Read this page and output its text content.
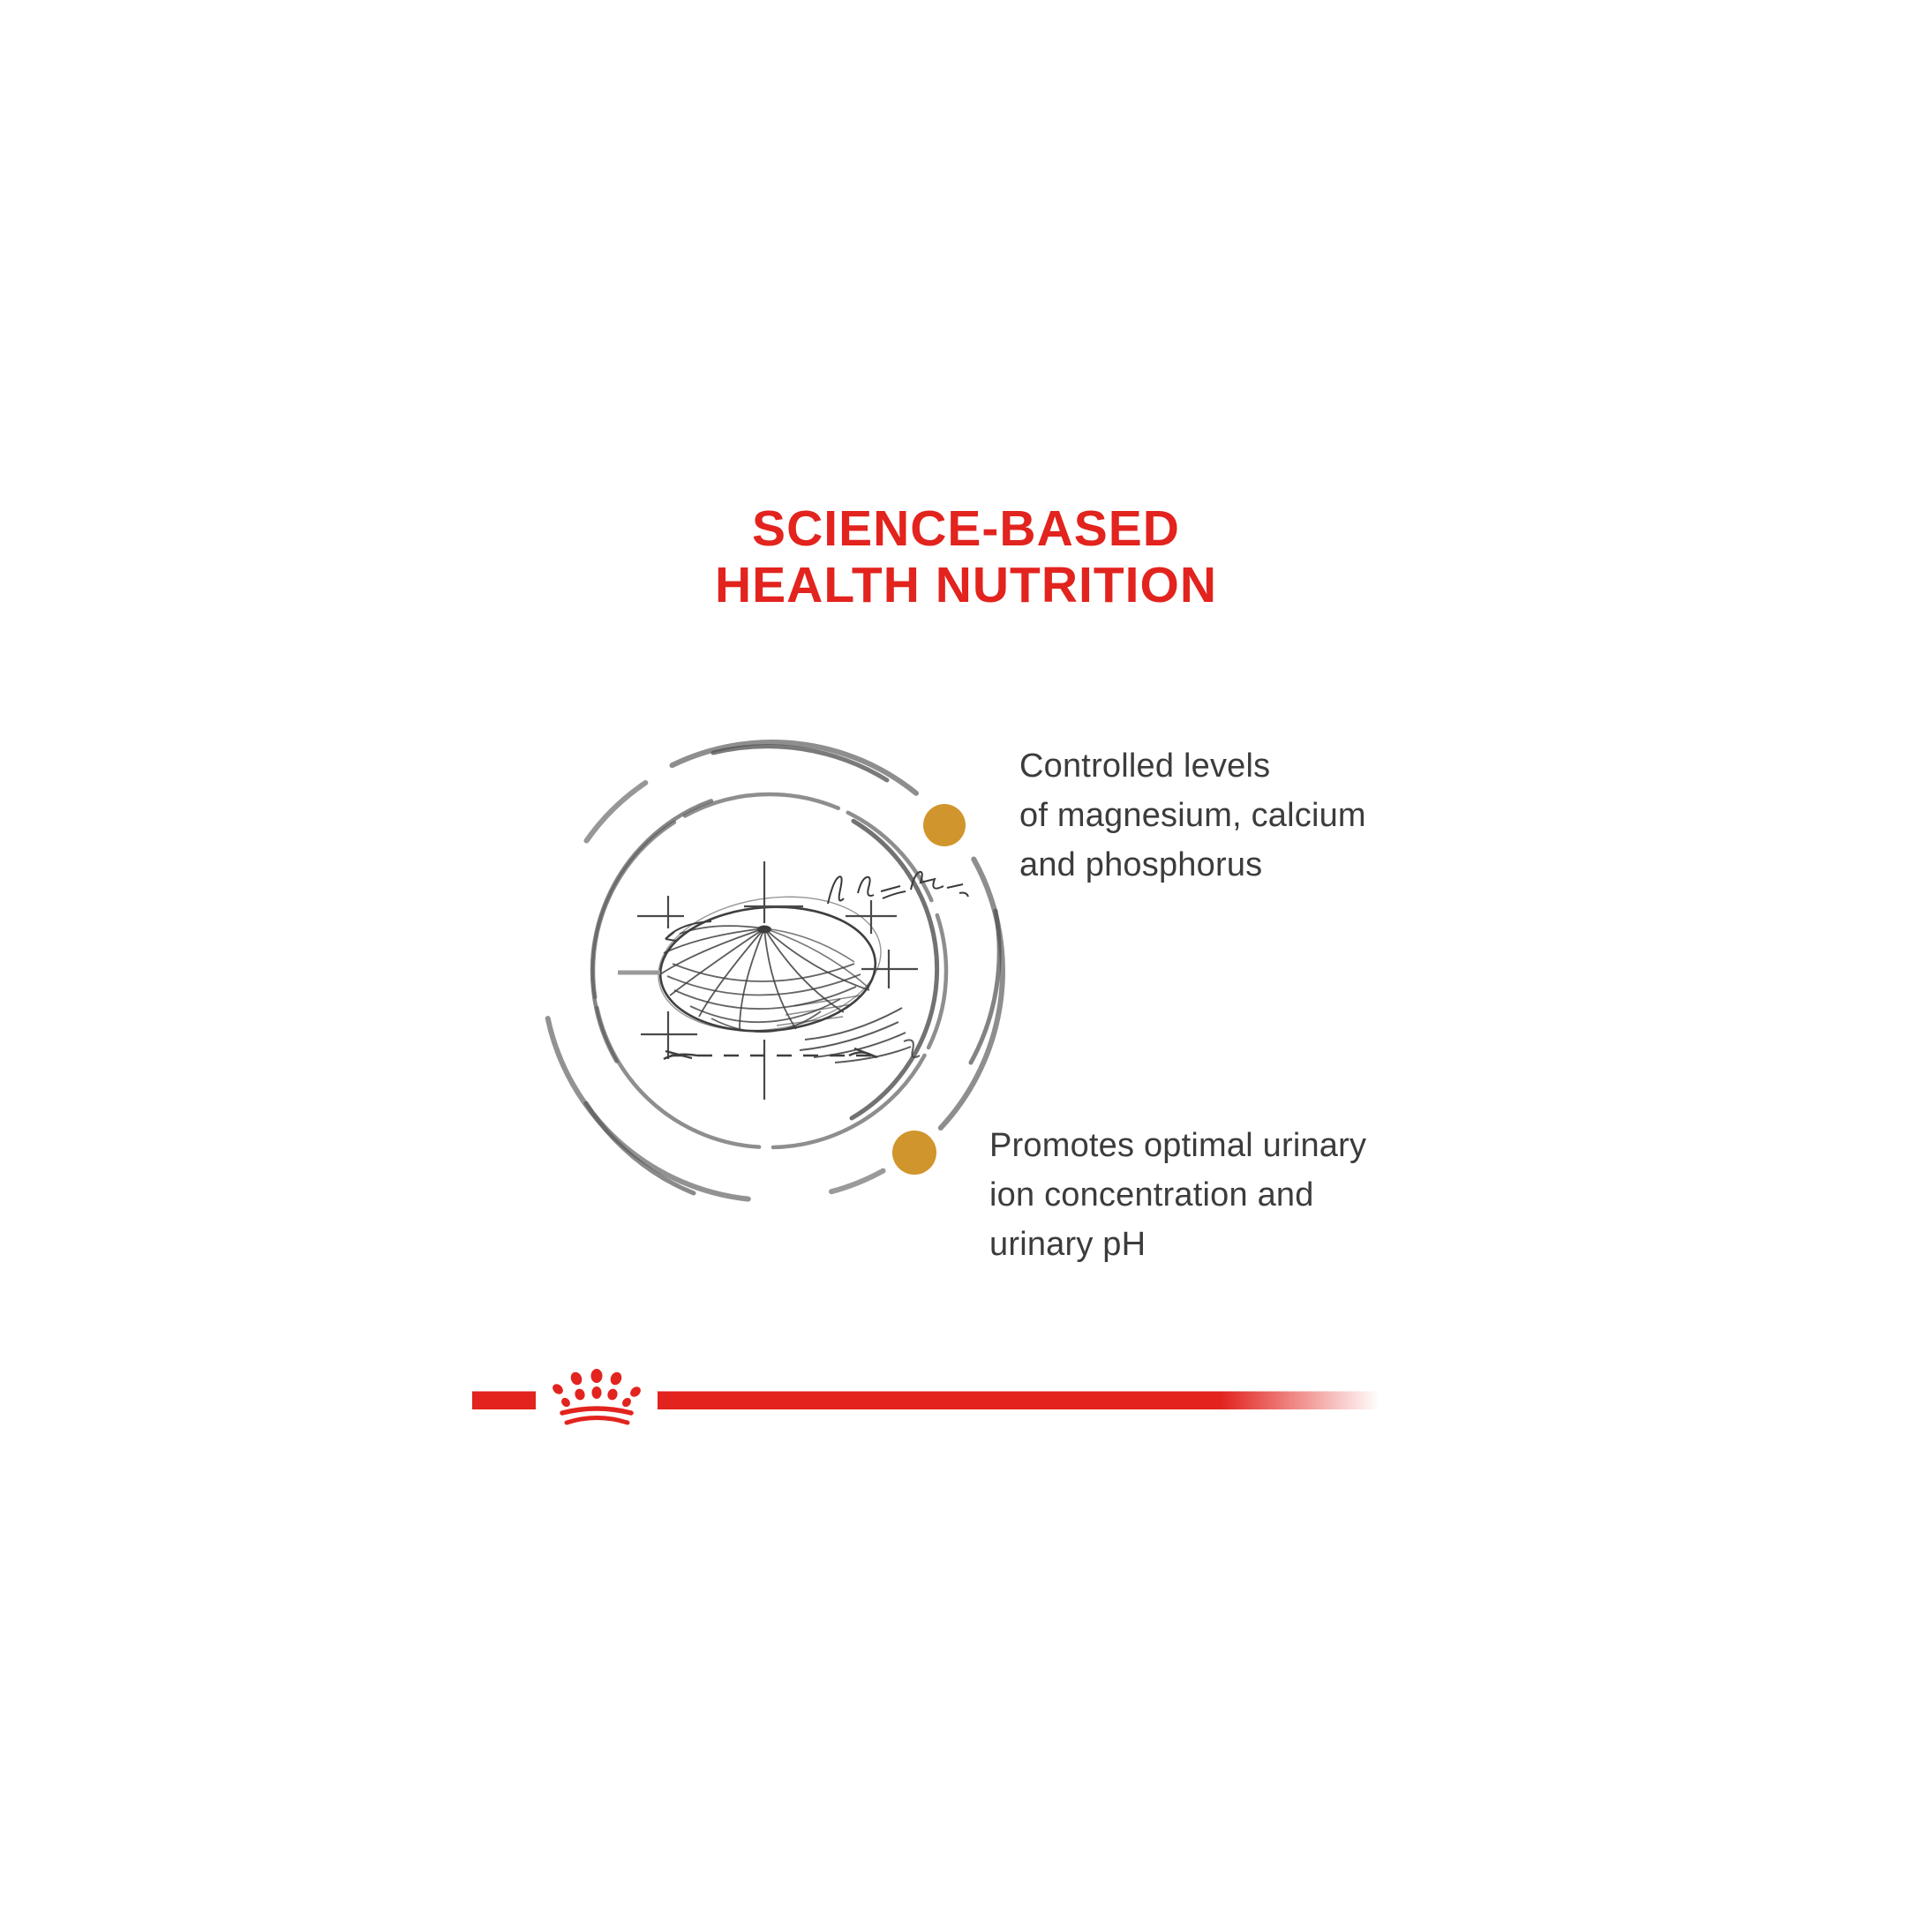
SCIENCE-BASED
HEALTH NUTRITION
Controlled levels
of magnesium, calcium
and phosphorus
Promotes optimal urinary
ion concentration and
urinary pH
